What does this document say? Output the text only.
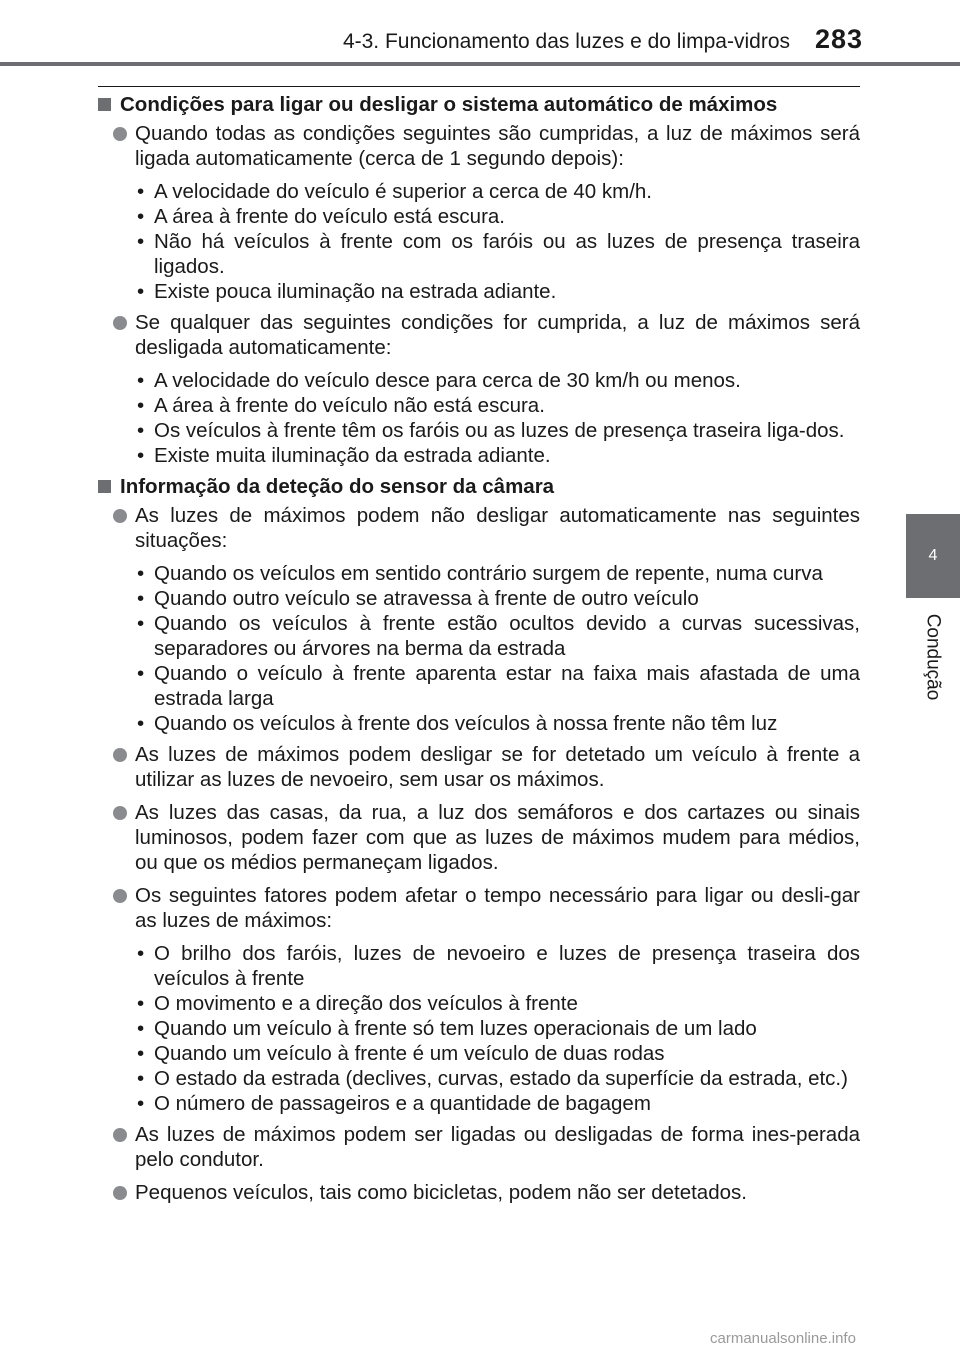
4-3. Funcionamento das luzes e do limpa-vidros 283
4
Condução
Condições para ligar ou desligar o sistema automático de máximos
Quando todas as condições seguintes são cumpridas, a luz de máximos será ligada automaticamente (cerca de 1 segundo depois):
• A velocidade do veículo é superior a cerca de 40 km/h.
• A área à frente do veículo está escura.
• Não há veículos à frente com os faróis ou as luzes de presença traseira ligados.
• Existe pouca iluminação na estrada adiante.
Se qualquer das seguintes condições for cumprida, a luz de máximos será desligada automaticamente:
• A velocidade do veículo desce para cerca de 30 km/h ou menos.
• A área à frente do veículo não está escura.
• Os veículos à frente têm os faróis ou as luzes de presença traseira liga-dos.
• Existe muita iluminação da estrada adiante.
Informação da deteção do sensor da câmara
As luzes de máximos podem não desligar automaticamente nas seguintes situações:
• Quando os veículos em sentido contrário surgem de repente, numa curva
• Quando outro veículo se atravessa à frente de outro veículo
• Quando os veículos à frente estão ocultos devido a curvas sucessivas, separadores ou árvores na berma da estrada
• Quando o veículo à frente aparenta estar na faixa mais afastada de uma estrada larga
• Quando os veículos à frente dos veículos à nossa frente não têm luz
As luzes de máximos podem desligar se for detetado um veículo à frente a utilizar as luzes de nevoeiro, sem usar os máximos.
As luzes das casas, da rua, a luz dos semáforos e dos cartazes ou sinais luminosos, podem fazer com que as luzes de máximos mudem para médios, ou que os médios permaneçam ligados.
Os seguintes fatores podem afetar o tempo necessário para ligar ou desli-gar as luzes de máximos:
• O brilho dos faróis, luzes de nevoeiro e luzes de presença traseira dos veículos à frente
• O movimento e a direção dos veículos à frente
• Quando um veículo à frente só tem luzes operacionais de um lado
• Quando um veículo à frente é um veículo de duas rodas
• O estado da estrada (declives, curvas, estado da superfície da estrada, etc.)
• O número de passageiros e a quantidade de bagagem
As luzes de máximos podem ser ligadas ou desligadas de forma ines-perada pelo condutor.
Pequenos veículos, tais como bicicletas, podem não ser detetados.
carmanualsonline.info
